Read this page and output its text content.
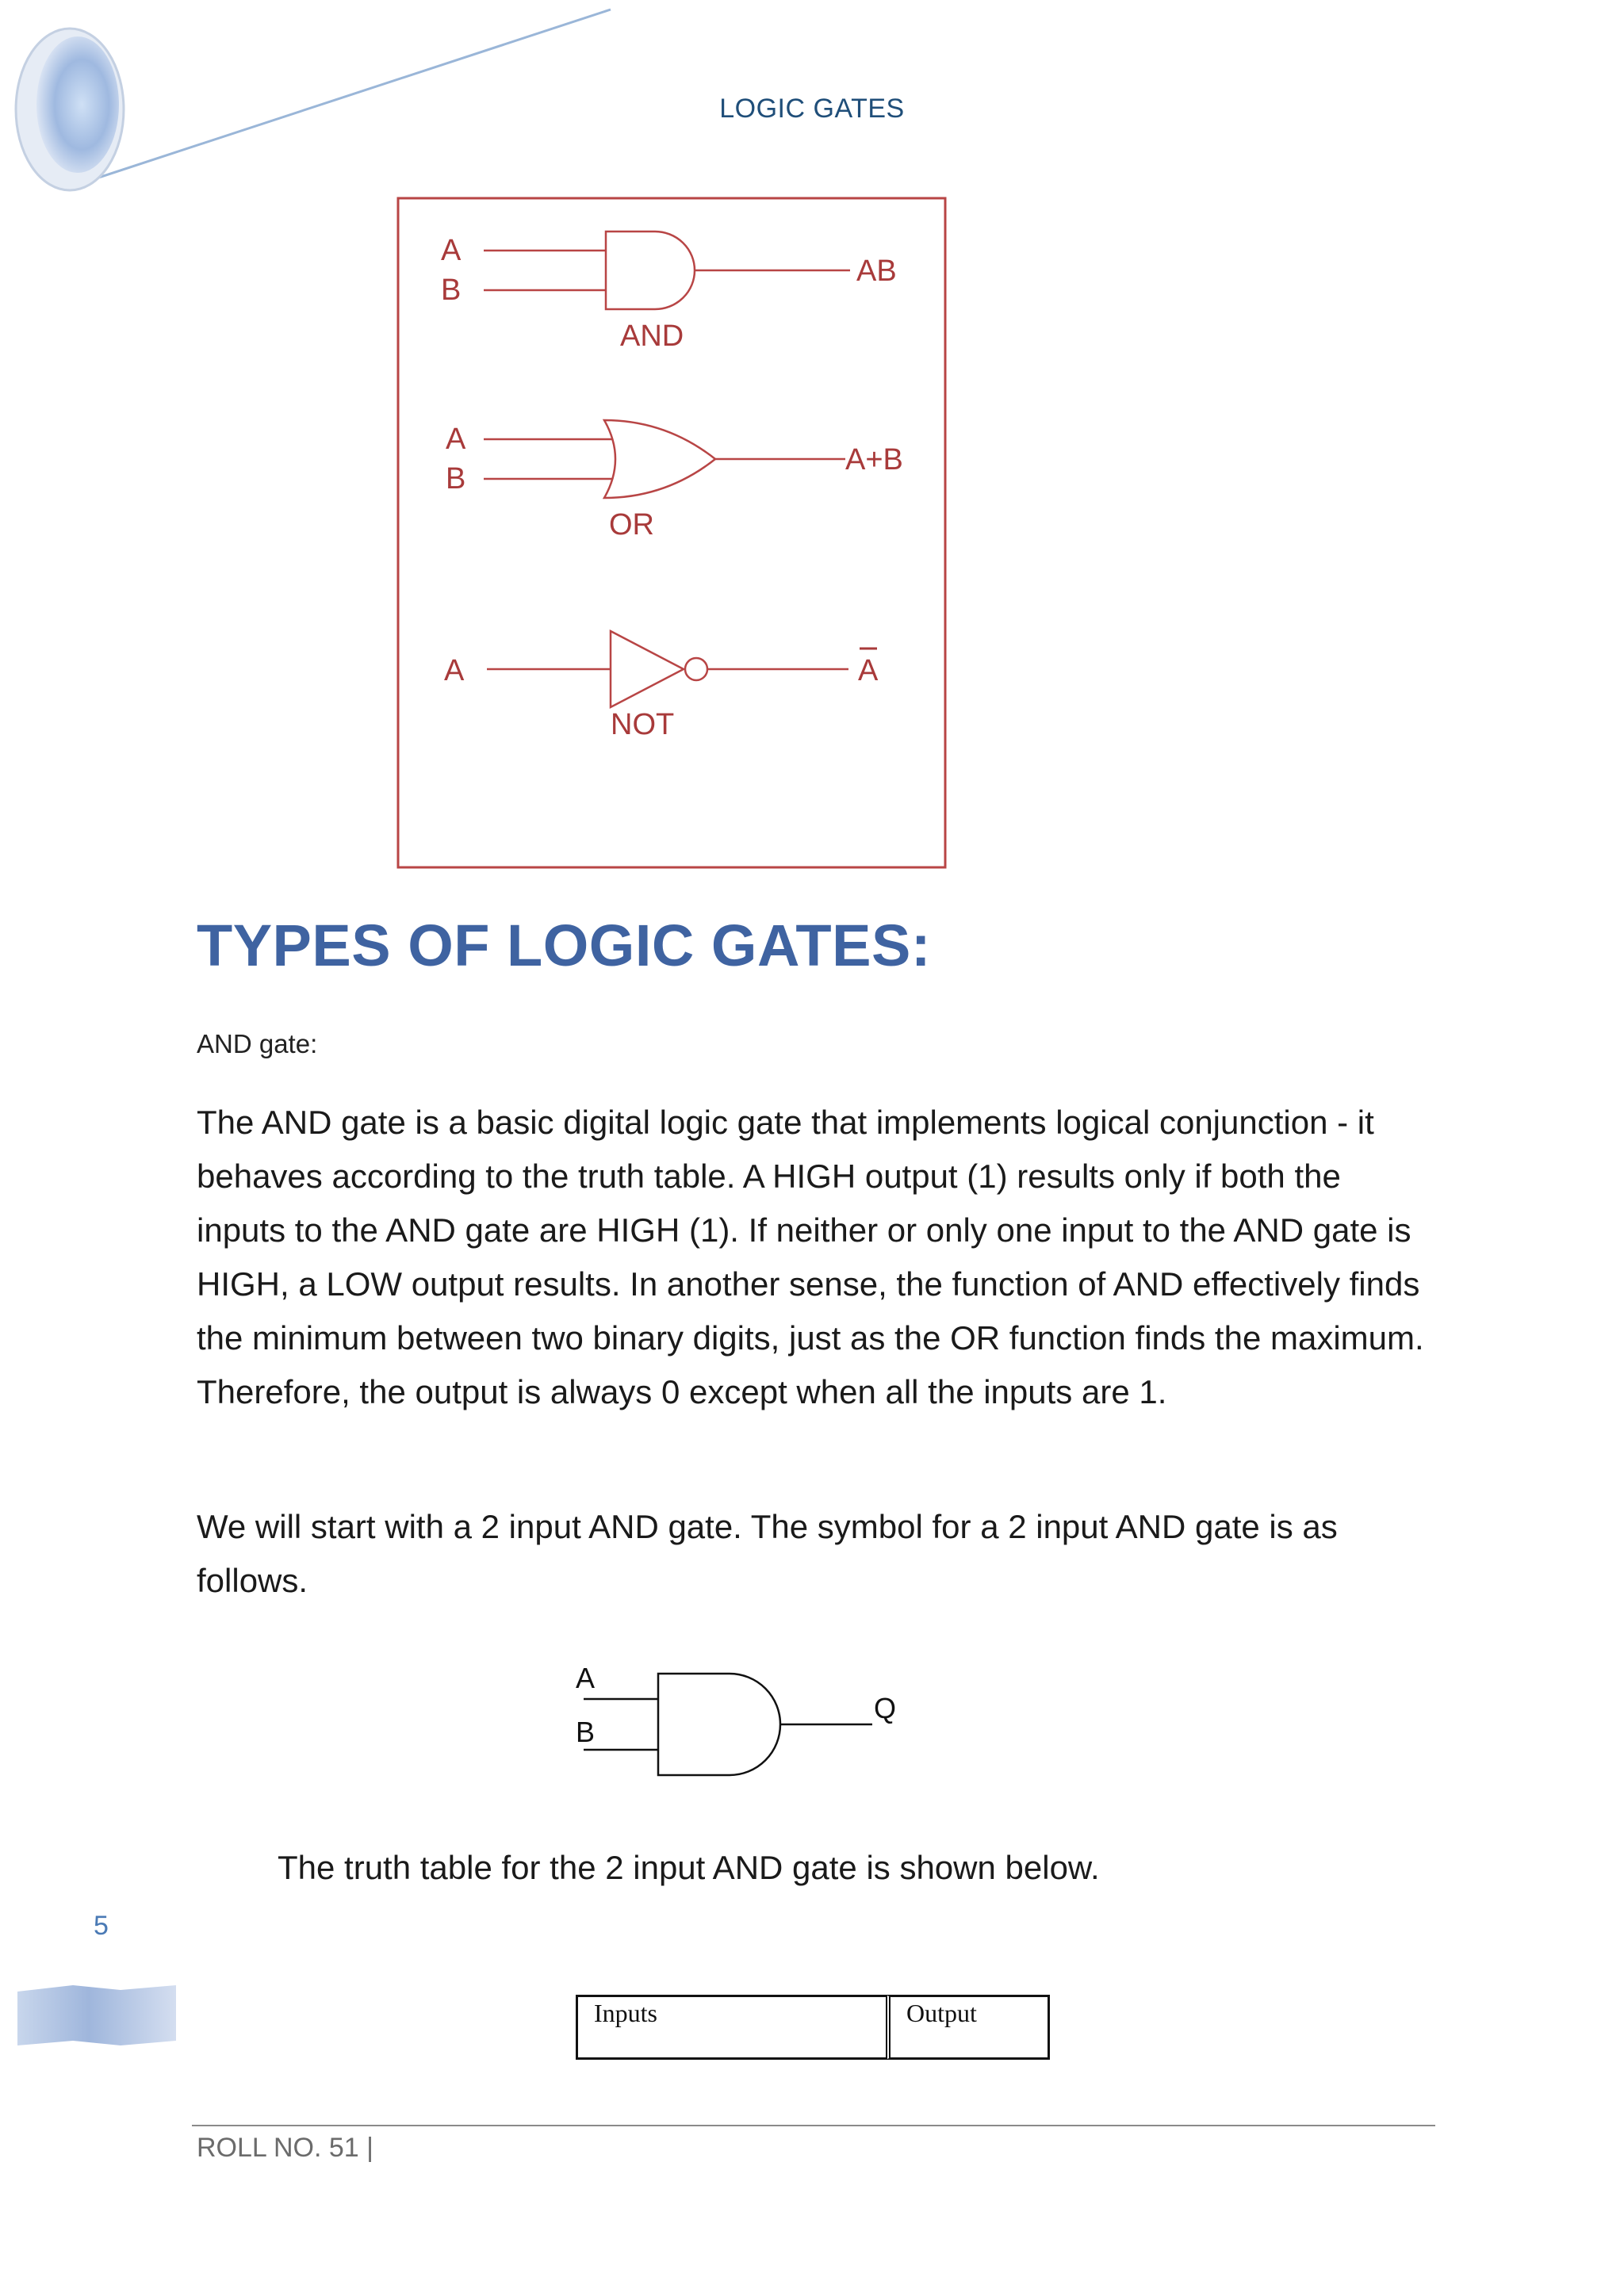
LOGIC GATES
A
B
AB
AND
A
B
A+B
OR
A	A
NOT
TYPES OF LOGIC GATES:
AND gate:
The AND gate is a basic digital logic gate that implements logical conjunction - it behaves according to the truth table. A HIGH output (1) results only if both the inputs to the AND gate are HIGH (1). If neither or only one input to the AND gate is HIGH, a LOW output results. In another sense, the function of AND effectively finds the minimum between two binary digits, just as the OR function finds the maximum. Therefore, the output is always 0 except when all the inputs are 1.
We will start with a 2 input AND gate. The symbol for a 2 input AND gate is as follows.
A
B
Q
The truth table for the 2 input AND gate is shown below.
5
Inputs	Output
ROLL NO. 51 |
